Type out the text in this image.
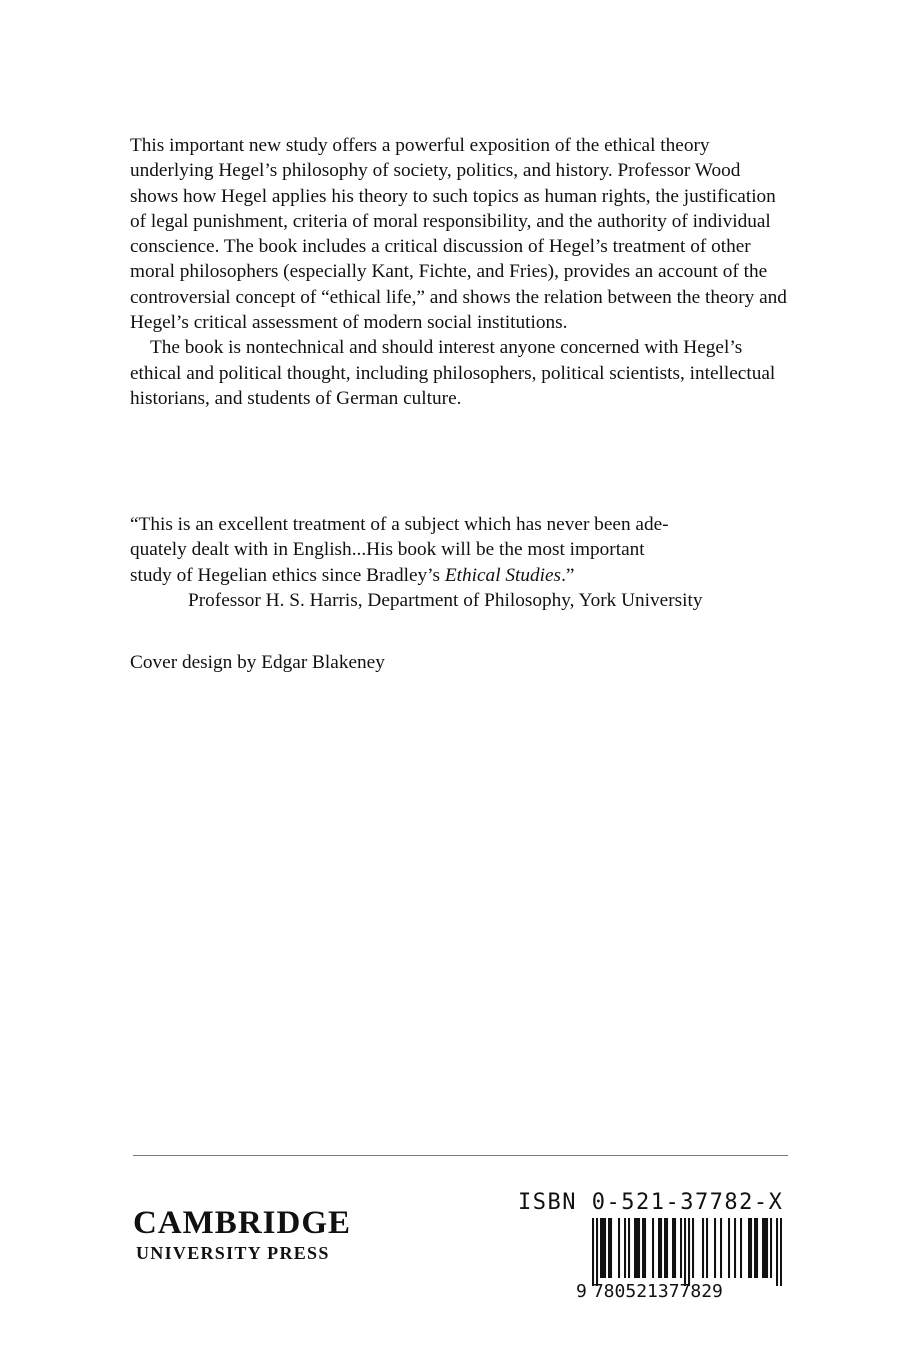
This important new study offers a powerful exposition of the ethical theory underlying Hegel’s philosophy of society, politics, and history. Professor Wood shows how Hegel applies his theory to such topics as human rights, the justification of legal punishment, criteria of moral responsibility, and the authority of individual conscience. The book includes a critical discussion of Hegel’s treatment of other moral philosophers (especially Kant, Fichte, and Fries), provides an account of the controversial concept of “ethical life,” and shows the relation between the theory and Hegel’s critical assessment of modern social institutions.

The book is nontechnical and should interest anyone concerned with Hegel’s ethical and political thought, including philosophers, political scientists, intellectual historians, and students of German culture.

“This is an excellent treatment of a subject which has never been ade-
quately dealt with in English...His book will be the most important
study of Hegelian ethics since Bradley’s Ethical Studies.”
Professor H. S. Harris, Department of Philosophy, York University
Cover design by Edgar Blakeney
CAMBRIDGE
UNIVERSITY PRESS
ISBN 0-521-37782-X
9 780521377829
